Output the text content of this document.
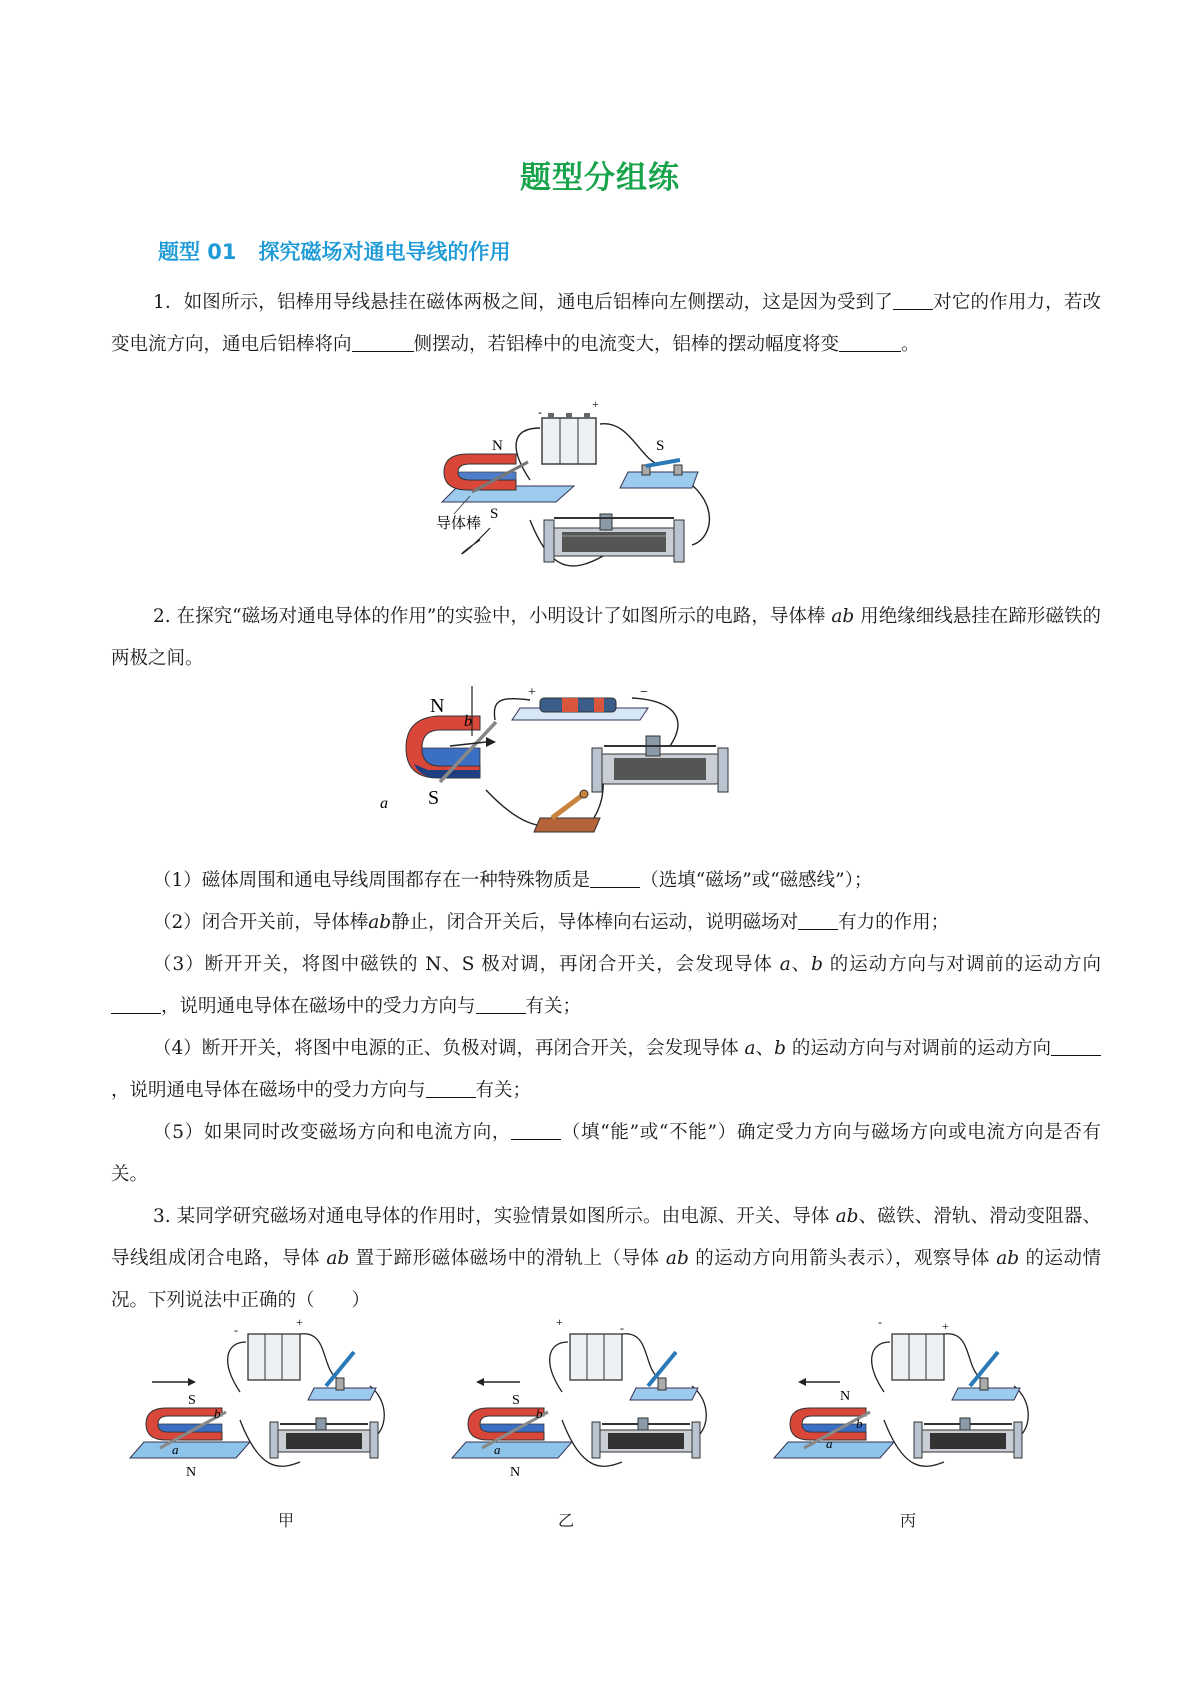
题型分组练
题型 01 探究磁场对通电导线的作用
1．如图所示，铝棒用导线悬挂在磁体两极之间，通电后铝棒向左侧摆动，这是因为受到了 对它的作用力，若改变电流方向，通电后铝棒将向	侧摆动，若铝棒中的电流变大，铝棒的摆动幅度将变	。
-
+
S
N
S
导体棒
2. 在探究“磁场对通电导体的作用”的实验中，小明设计了如图所示的电路，导体棒 ab 用绝缘细线悬挂在蹄形磁铁的两极之间。
+	−
N
S
b
a
（1）磁体周围和通电导线周围都存在一种特殊物质是	（选填“磁场”或“磁感线”）；
（2）闭合开关前，导体棒ab静止，闭合开关后，导体棒向右运动，说明磁场对 有力的作用；
（3）断开开关，将图中磁铁的 N、S 极对调，再闭合开关，会发现导体 a、b 的运动方向与对调前的运动方向，说明通电导体在磁场中的受力方向与	有关；
（4）断开开关，将图中电源的正、负极对调，再闭合开关，会发现导体 a、b 的运动方向与对调前的运动方向，说明通电导体在磁场中的受力方向与	有关；
（5）如果同时改变磁场方向和电流方向，	（填“能”或“不能”）确定受力方向与磁场方向或电流方向是否有关。
3. 某同学研究磁场对通电导体的作用时，实验情景如图所示。由电源、开关、导体 ab、磁铁、滑轨、滑动变阻器、导线组成闭合电路，导体 ab 置于蹄形磁体磁场中的滑轨上（导体 ab 的运动方向用箭头表示），观察导体 ab 的运动情况。下列说法中正确的（　　）
-
+
S
N
a
b
甲
+	-
S
N
a
b
乙
-	+
N
a
b
丙
